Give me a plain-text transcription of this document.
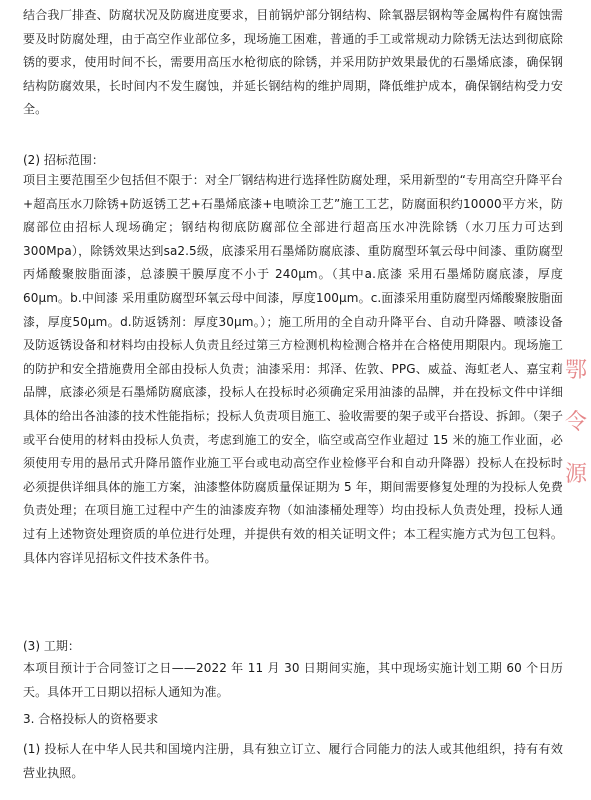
结合我厂排查、防腐状况及防腐进度要求，目前锅炉部分钢结构、除氧器层钢构等金属构件有腐蚀需要及时防腐处理，由于高空作业部位多，现场施工困难，普通的手工或常规动力除锈无法达到彻底除锈的要求，使用时间不长，需要用高压水枪彻底的除锈，并采用防护效果最优的石墨烯底漆，确保钢结构防腐效果，长时间内不发生腐蚀，并延长钢结构的维护周期，降低维护成本，确保钢结构受力安全。

(2) 招标范围：

项目主要范围至少包括但不限于：对全厂钢结构进行选择性防腐处理，采用新型的“专用高空升降平台+超高压水刀除锈+防返锈工艺+石墨烯底漆+电喷涂工艺”施工工艺，防腐面积约10000平方米，防腐部位由招标人现场确定；钢结构彻底防腐部位全部进行超高压水冲洗除锈（水刀压力可达到300Mpa），除锈效果达到sa2.5级，底漆采用石墨烯防腐底漆、重防腐型环氧云母中间漆、重防腐型丙烯酸聚胺脂面漆，总漆膜干膜厚度不小于 240μm。（其中a.底漆 采用石墨烯防腐底漆，厚度60μm。b.中间漆 采用重防腐型环氧云母中间漆，厚度100μm。c.面漆采用重防腐型丙烯酸聚胺脂面漆，厚度50μm。d.防返锈剂：厚度30μm。）；施工所用的全自动升降平台、自动升降器、喷漆设备及防返锈设备和材料均由投标人负责且经过第三方检测机构检测合格并在合格使用期限内。现场施工的防护和安全措施费用全部由投标人负责；油漆采用：邦泽、佐敦、PPG、威益、海虹老人、嘉宝莉品牌，底漆必须是石墨烯防腐底漆，投标人在投标时必须确定采用油漆的品牌，并在投标文件中详细具体的给出各油漆的技术性能指标；投标人负责项目施工、验收需要的架子或平台搭设、拆卸。（架子或平台使用的材料由投标人负责，考虑到施工的安全，临空或高空作业超过 15 米的施工作业面，必须使用专用的悬吊式升降吊篮作业施工平台或电动高空作业检修平台和自动升降器）投标人在投标时必须提供详细具体的施工方案，油漆整体防腐质量保证期为 5 年，期间需要修复处理的为投标人免费负责处理；在项目施工过程中产生的油漆废弃物（如油漆桶处理等）均由投标人负责处理，投标人通过有上述物资处理资质的单位进行处理，并提供有效的相关证明文件；本工程实施方式为包工包料。具体内容详见招标文件技术条件书。

(3) 工期：

本项目预计于合同签订之日——2022 年 11 月 30 日期间实施，其中现场实施计划工期 60 个日历天。具体开工日期以招标人通知为准。

3. 合格投标人的资格要求

(1) 投标人在中华人民共和国境内注册，具有独立订立、履行合同能力的法人或其他组织，持有有效营业执照。

鄂
令
源
